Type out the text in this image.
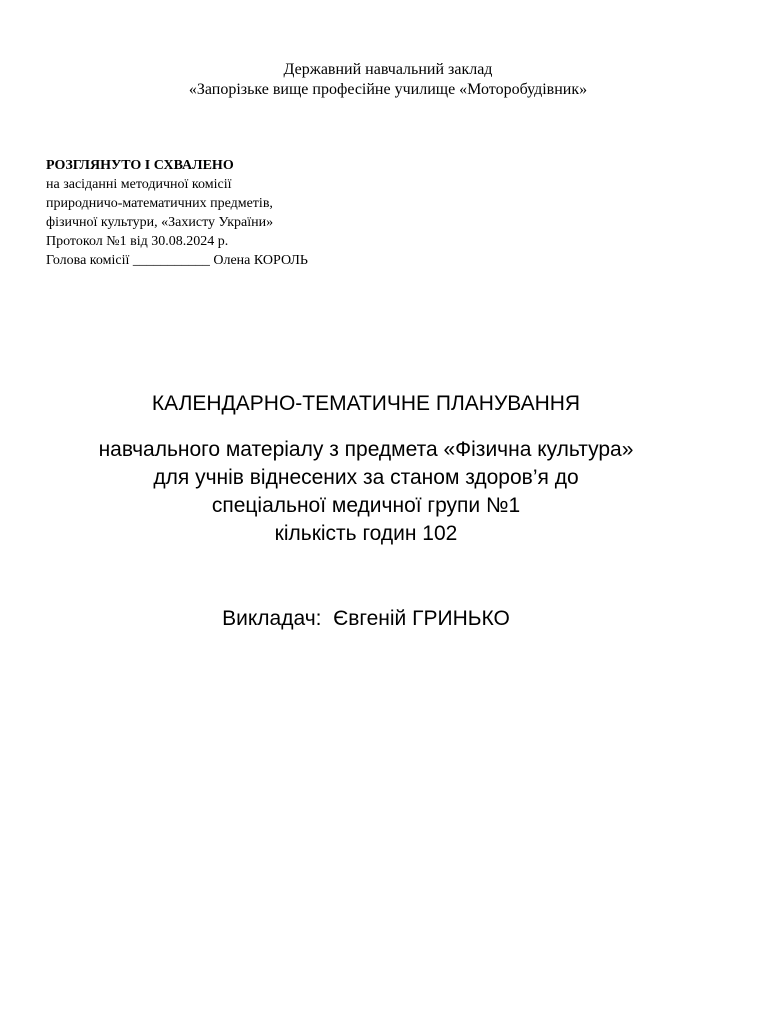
Державний навчальний заклад
«Запорізьке вище професійне училище «Моторобудівник»
РОЗГЛЯНУТО І СХВАЛЕНО
на засіданні методичної комісії
природничо-математичних предметів,
фізичної культури, «Захисту України»
Протокол №1 від 30.08.2024 р.
Голова комісії ___________ Олена КОРОЛЬ
КАЛЕНДАРНО-ТЕМАТИЧНЕ ПЛАНУВАННЯ
навчального матеріалу з предмета «Фізична культура»
для учнів віднесених за станом здоров’я до
спеціальної медичної групи №1
кількість годин 102
Викладач:  Євгеній ГРИНЬКО
